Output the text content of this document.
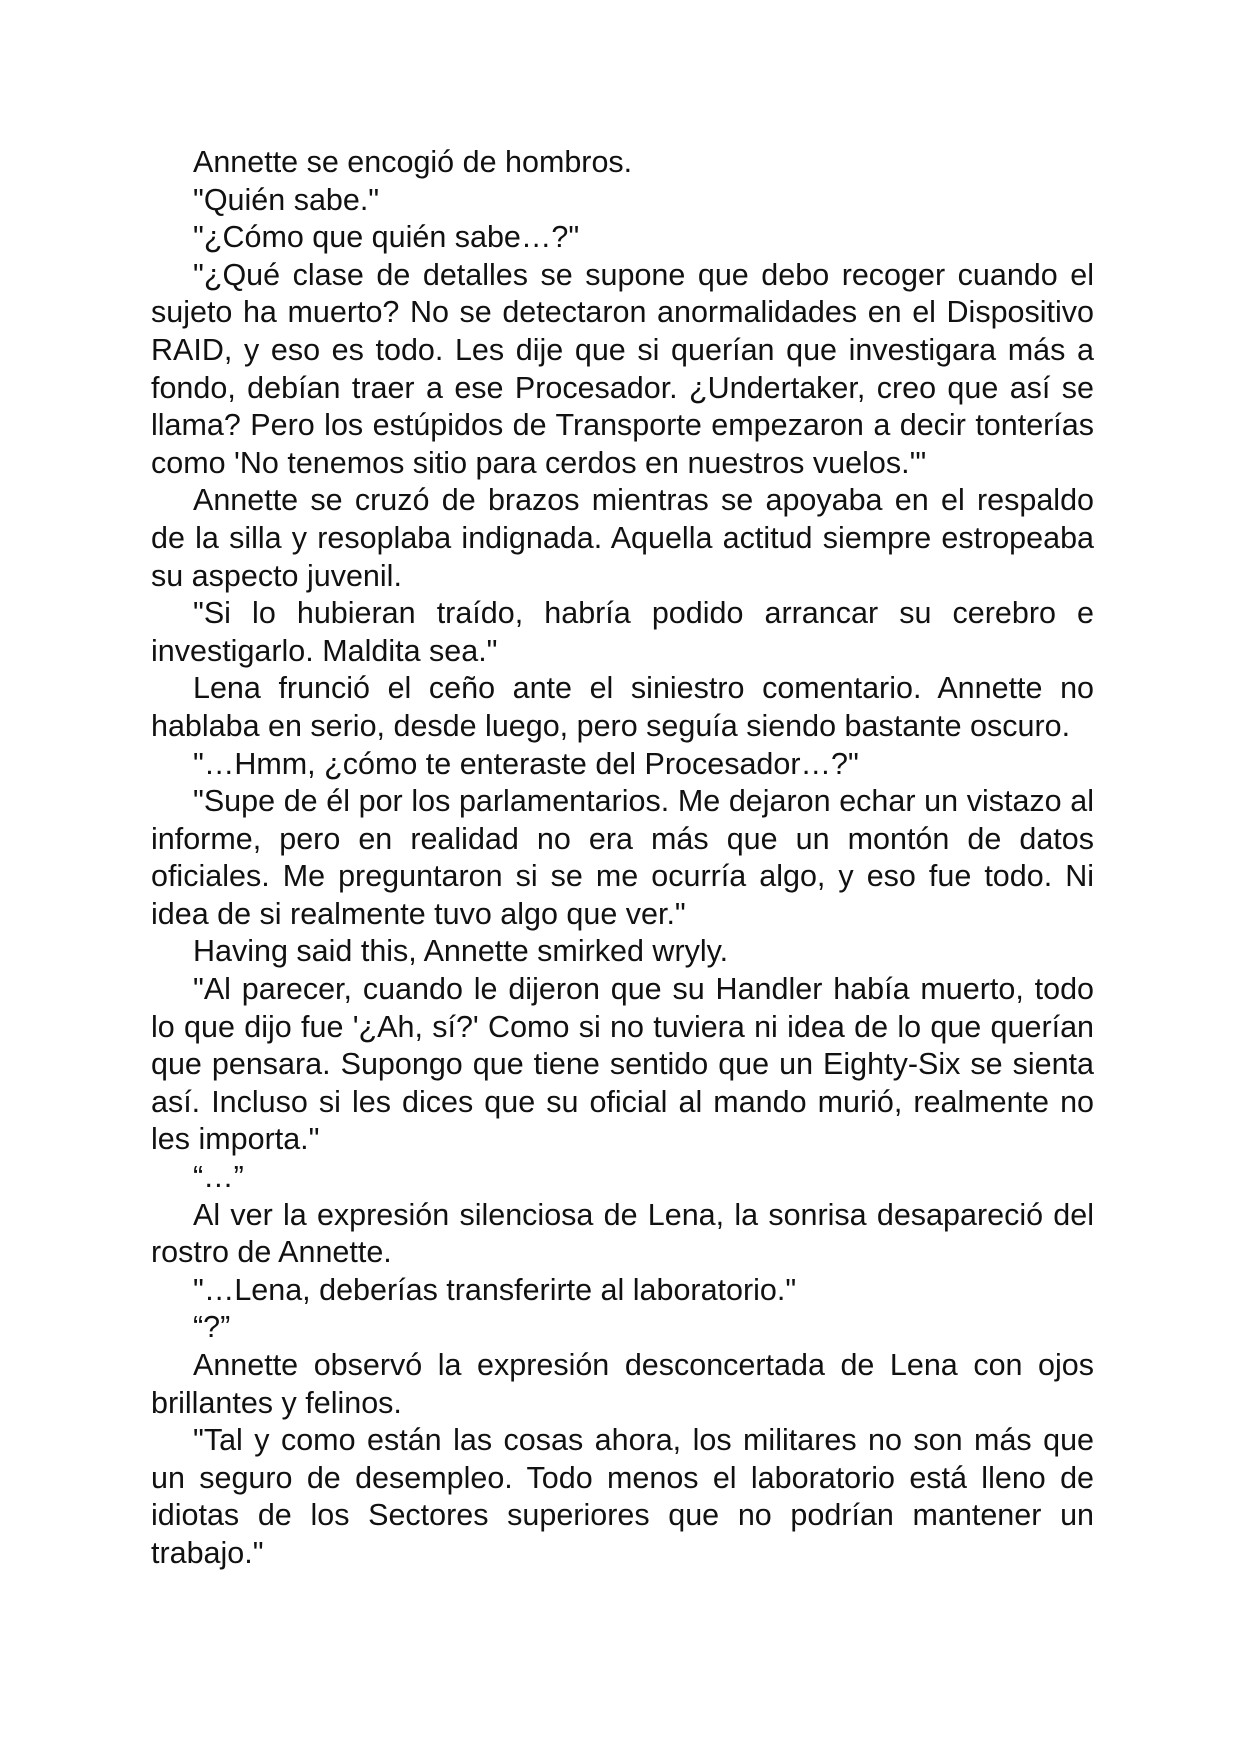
Annette se encogió de hombros.

"Quién sabe."

"¿Cómo que quién sabe…?"

"¿Qué clase de detalles se supone que debo recoger cuando el sujeto ha muerto? No se detectaron anormalidades en el Dispositivo RAID, y eso es todo. Les dije que si querían que investigara más a fondo, debían traer a ese Procesador. ¿Undertaker, creo que así se llama? Pero los estúpidos de Transporte empezaron a decir tonterías como 'No tenemos sitio para cerdos en nuestros vuelos.'"

Annette se cruzó de brazos mientras se apoyaba en el respaldo de la silla y resoplaba indignada. Aquella actitud siempre estropeaba su aspecto juvenil.

"Si lo hubieran traído, habría podido arrancar su cerebro e investigarlo. Maldita sea."

Lena frunció el ceño ante el siniestro comentario. Annette no hablaba en serio, desde luego, pero seguía siendo bastante oscuro.

"…Hmm, ¿cómo te enteraste del Procesador…?"

"Supe de él por los parlamentarios. Me dejaron echar un vistazo al informe, pero en realidad no era más que un montón de datos oficiales. Me preguntaron si se me ocurría algo, y eso fue todo. Ni idea de si realmente tuvo algo que ver."

Having said this, Annette smirked wryly.

"Al parecer, cuando le dijeron que su Handler había muerto, todo lo que dijo fue '¿Ah, sí?' Como si no tuviera ni idea de lo que querían que pensara. Supongo que tiene sentido que un Eighty-Six se sienta así. Incluso si les dices que su oficial al mando murió, realmente no les importa."

“…”

Al ver la expresión silenciosa de Lena, la sonrisa desapareció del rostro de Annette.

"…Lena, deberías transferirte al laboratorio."

“?”

Annette observó la expresión desconcertada de Lena con ojos brillantes y felinos.

"Tal y como están las cosas ahora, los militares no son más que un seguro de desempleo. Todo menos el laboratorio está lleno de idiotas de los Sectores superiores que no podrían mantener un trabajo."
